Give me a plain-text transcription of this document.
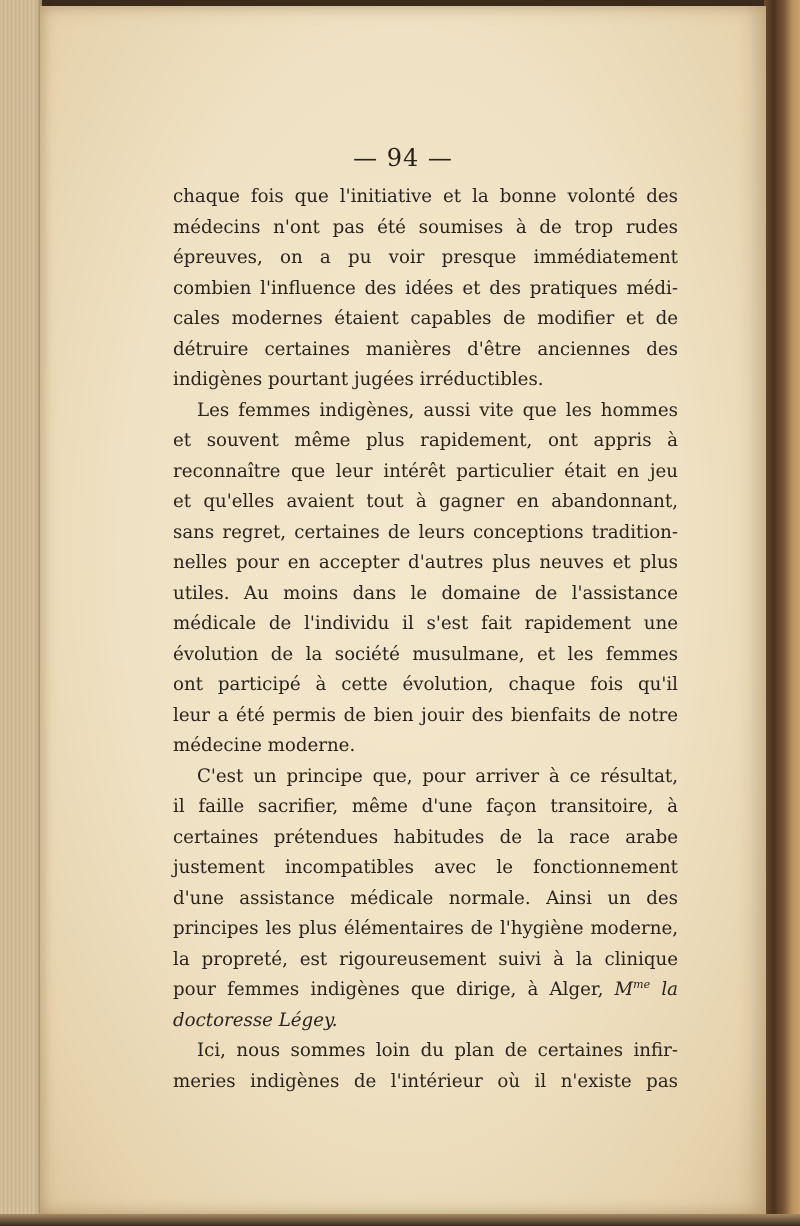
— 94 —
chaque fois que l'initiative et la bonne volonté des
médecins n'ont pas été soumises à de trop rudes
épreuves, on a pu voir presque immédiatement
combien l'influence des idées et des pratiques médi-
cales modernes étaient capables de modifier et de
détruire certaines manières d'être anciennes des
indigènes pourtant jugées irréductibles.
Les femmes indigènes, aussi vite que les hommes
et souvent même plus rapidement, ont appris à
reconnaître que leur intérêt particulier était en jeu
et qu'elles avaient tout à gagner en abandonnant,
sans regret, certaines de leurs conceptions tradition-
nelles pour en accepter d'autres plus neuves et plus
utiles. Au moins dans le domaine de l'assistance
médicale de l'individu il s'est fait rapidement une
évolution de la société musulmane, et les femmes
ont participé à cette évolution, chaque fois qu'il
leur a été permis de bien jouir des bienfaits de notre
médecine moderne.
C'est un principe que, pour arriver à ce résultat,
il faille sacrifier, même d'une façon transitoire, à
certaines prétendues habitudes de la race arabe
justement incompatibles avec le fonctionnement
d'une assistance médicale normale. Ainsi un des
principes les plus élémentaires de l'hygiène moderne,
la propreté, est rigoureusement suivi à la clinique
pour femmes indigènes que dirige, à Alger, $M^{me}$ la
doctoresse Légey.
Ici, nous sommes loin du plan de certaines infir-
meries indigènes de l'intérieur où il n'existe pas
